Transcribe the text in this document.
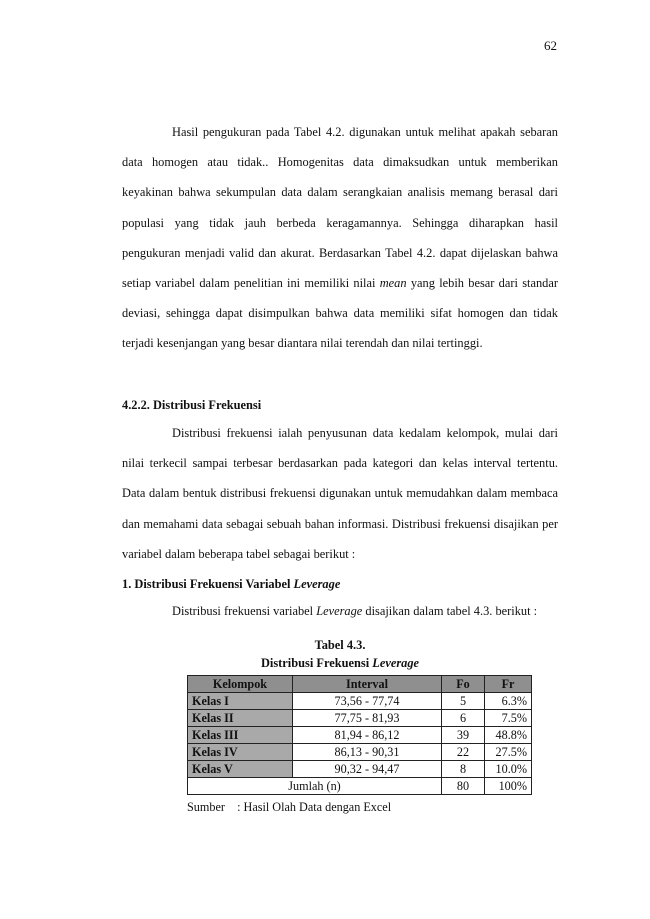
62

Hasil pengukuran pada Tabel 4.2. digunakan untuk melihat apakah sebaran data homogen atau tidak.. Homogenitas data dimaksudkan untuk memberikan keyakinan bahwa sekumpulan data dalam serangkaian analisis memang berasal dari populasi yang tidak jauh berbeda keragamannya. Sehingga diharapkan hasil pengukuran menjadi valid dan akurat. Berdasarkan Tabel 4.2. dapat dijelaskan bahwa setiap variabel dalam penelitian ini memiliki nilai mean yang lebih besar dari standar deviasi, sehingga dapat disimpulkan bahwa data memiliki sifat homogen dan tidak terjadi kesenjangan yang besar diantara nilai terendah dan nilai tertinggi.

4.2.2. Distribusi Frekuensi

Distribusi frekuensi ialah penyusunan data kedalam kelompok, mulai dari nilai terkecil sampai terbesar berdasarkan pada kategori dan kelas interval tertentu. Data dalam bentuk distribusi frekuensi digunakan untuk memudahkan dalam membaca dan memahami data sebagai sebuah bahan informasi. Distribusi frekuensi disajikan per variabel dalam beberapa tabel sebagai berikut :

1. Distribusi Frekuensi Variabel Leverage

Distribusi frekuensi variabel Leverage disajikan dalam tabel 4.3. berikut :

Tabel 4.3.
Distribusi Frekuensi Leverage
Kelompok	Interval	Fo	Fr
Kelas I	73,56 - 77,74	5	6.3%
Kelas II	77,75 - 81,93	6	7.5%
Kelas III	81,94 - 86,12	39	48.8%
Kelas IV	86,13 - 90,31	22	27.5%
Kelas V	90,32 - 94,47	8	10.0%
Jumlah (n)		80	100%
Sumber    : Hasil Olah Data dengan Excel
